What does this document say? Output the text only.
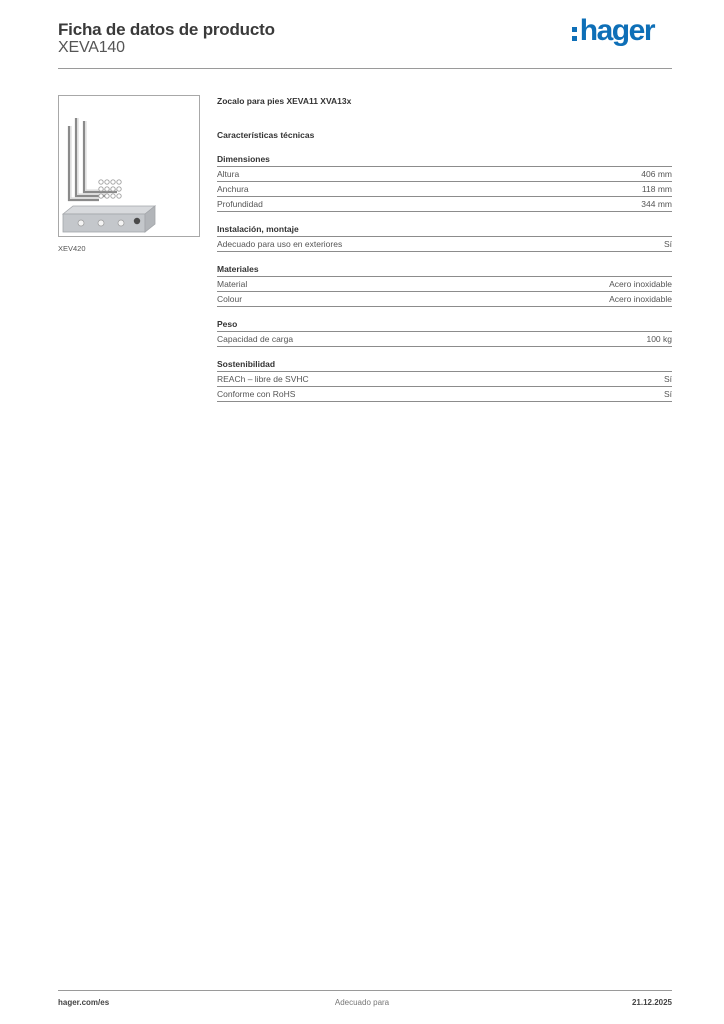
Ficha de datos de producto
XEVA140
hager
XEV420
Zocalo para pies XEVA11 XVA13x
Características técnicas
Dimensiones
Altura	406 mm
Anchura	118 mm
Profundidad	344 mm
Instalación, montaje
Adecuado para uso en exteriores	Sí
Materiales
Material	Acero inoxidable
Colour	Acero inoxidable
Peso
Capacidad de carga	100 kg
Sostenibilidad
REACh – libre de SVHC	Sí
Conforme con RoHS	Sí
hager.com/es	Adecuado para	21.12.2025
